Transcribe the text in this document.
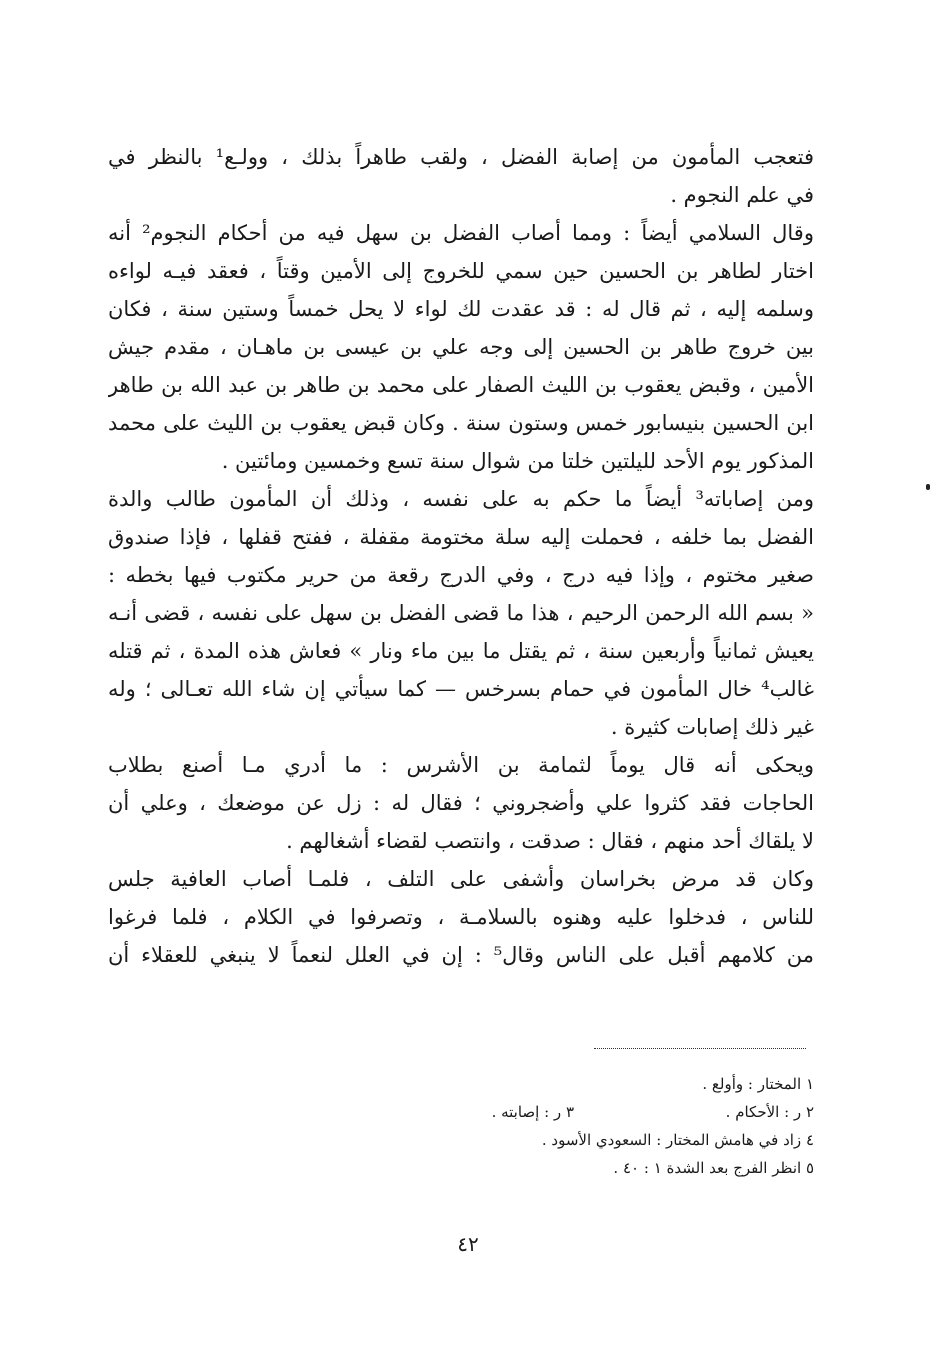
فتعجب المأمون من إصابة الفضل ، ولقب طاهراً بذلك ، وولـع¹ بالنظر في
في علم النجوم .
وقال السلامي أيضاً : ومما أصاب الفضل بن سهل فيه من أحكام النجوم² أنه
اختار لطاهر بن الحسين حين سمي للخروج إلى الأمين وقتاً ، فعقد فيـه لواءه
وسلمه إليه ، ثم قال له : قد عقدت لك لواء لا يحل خمساً وستين سنة ، فكان
بين خروج طاهر بن الحسين إلى وجه علي بن عيسى بن ماهـان ، مقدم جيش
الأمين ، وقبض يعقوب بن الليث الصفار على محمد بن طاهر بن عبد الله بن طاهر
ابن الحسين بنيسابور خمس وستون سنة . وكان قبض يعقوب بن الليث على محمد
المذكور يوم الأحد لليلتين خلتا من شوال سنة تسع وخمسين ومائتين .
ومن إصاباته³ أيضاً ما حكم به على نفسه ، وذلك أن المأمون طالب والدة
الفضل بما خلفه ، فحملت إليه سلة مختومة مقفلة ، ففتح قفلها ، فإذا صندوق
صغير مختوم ، وإذا فيه درج ، وفي الدرج رقعة من حرير مكتوب فيها بخطه :
« بسم الله الرحمن الرحيم ، هذا ما قضى الفضل بن سهل على نفسه ، قضى أنـه
يعيش ثمانياً وأربعين سنة ، ثم يقتل ما بين ماء ونار » فعاش هذه المدة ، ثم قتله
غالب⁴ خال المأمون في حمام بسرخس — كما سيأتي إن شاء الله تعـالى ؛ وله
غير ذلك إصابات كثيرة .
ويحكى أنه قال يوماً لثمامة بن الأشرس : ما أدري مـا أصنع بطلاب
الحاجات فقد كثروا علي وأضجروني ؛ فقال له : زل عن موضعك ، وعلي أن
لا يلقاك أحد منهم ، فقال : صدقت ، وانتصب لقضاء أشغالهم .
وكان قد مرض بخراسان وأشفى على التلف ، فلمـا أصاب العافية جلس
للناس ، فدخلوا عليه وهنوه بالسلامـة ، وتصرفوا في الكلام ، فلما فرغوا
من كلامهم أقبل على الناس وقال⁵ : إن في العلل لنعماً لا ينبغي للعقلاء أن
١ المختار : وأولع .
٢ ر : الأحكام .
٣ ر : إصابته .
٤ زاد في هامش المختار : السعودي الأسود .
٥ انظر الفرج بعد الشدة ١ : ٤٠ .
٤٢
